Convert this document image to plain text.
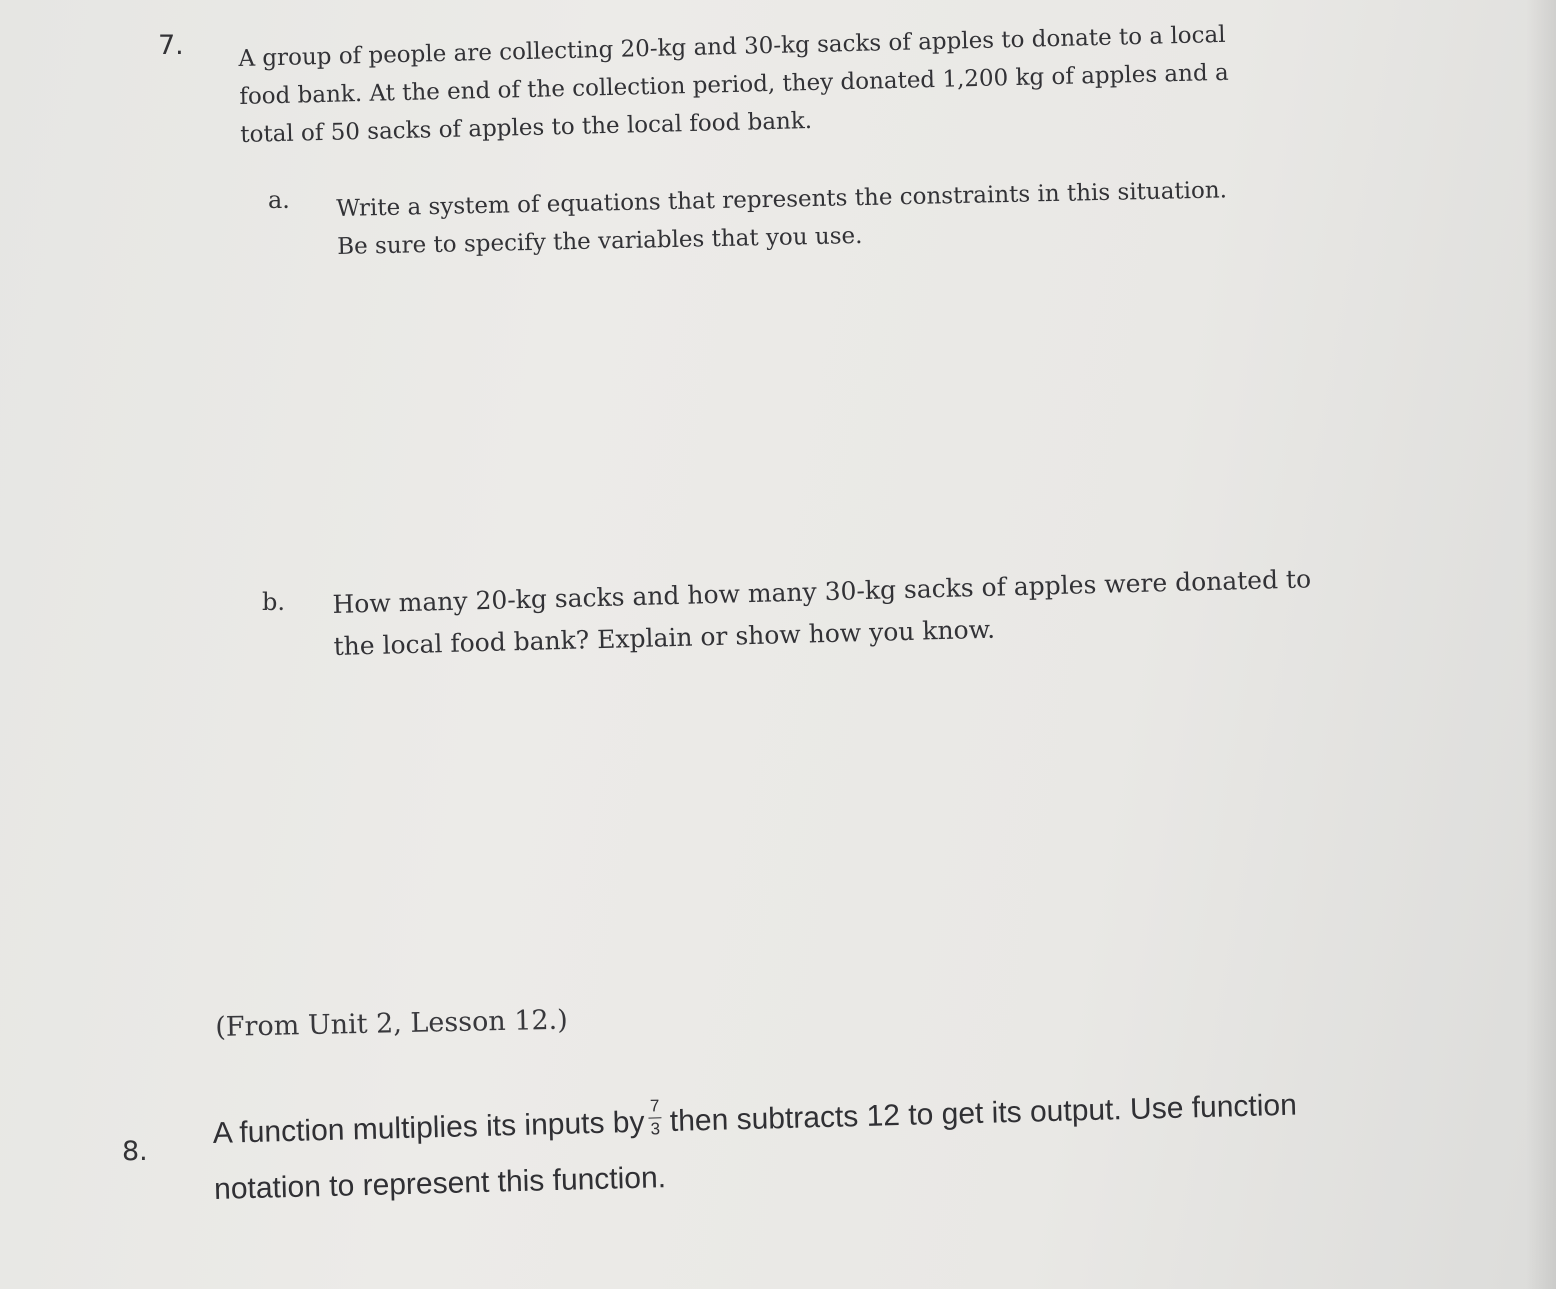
7. A group of people are collecting 20-kg and 30-kg sacks of apples to donate to a local
food bank. At the end of the collection period, they donated 1,200 kg of apples and a
total of 50 sacks of apples to the local food bank.
a. Write a system of equations that represents the constraints in this situation.
Be sure to specify the variables that you use.
b. How many 20-kg sacks and how many 30-kg sacks of apples were donated to
the local food bank? Explain or show how you know.
(From Unit 2, Lesson 12.)
8.
A function multiplies its inputs by $\frac{7}{3}$ then subtracts 12 to get its output. Use function
notation to represent this function.
